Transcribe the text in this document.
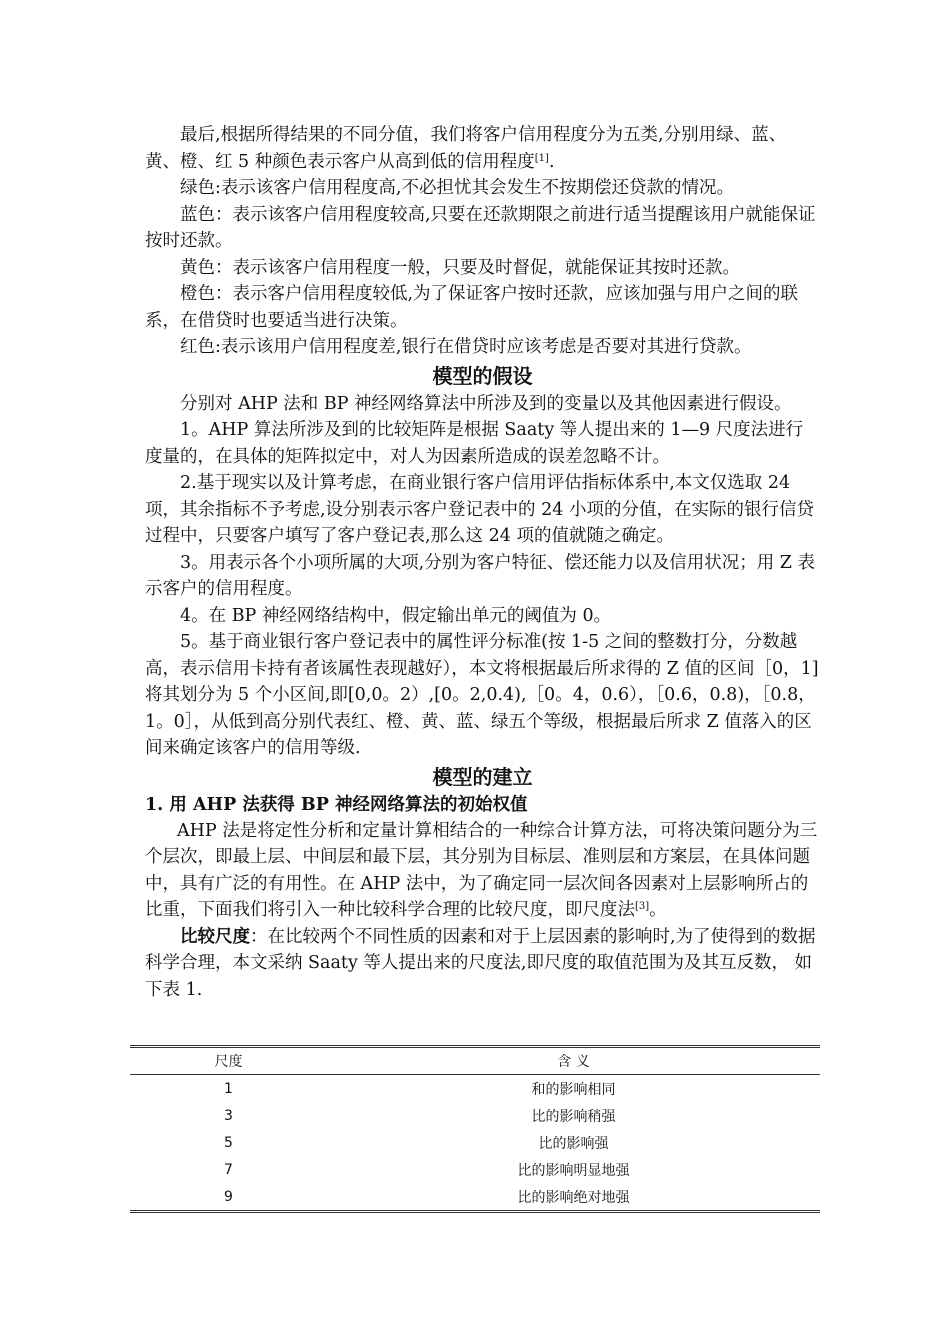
最后,根据所得结果的不同分值，我们将客户信用程度分为五类,分别用绿、蓝、

黄、橙、红 5 种颜色表示客户从高到低的信用程度[1].

绿色:表示该客户信用程度高,不必担忧其会发生不按期偿还贷款的情况。

蓝色：表示该客户信用程度较高,只要在还款期限之前进行适当提醒该用户就能保证按时还款。

黄色：表示该客户信用程度一般，只要及时督促，就能保证其按时还款。

橙色：表示客户信用程度较低,为了保证客户按时还款，应该加强与用户之间的联系，在借贷时也要适当进行决策。

红色:表示该用户信用程度差,银行在借贷时应该考虑是否要对其进行贷款。

模型的假设

分别对 AHP 法和 BP 神经网络算法中所涉及到的变量以及其他因素进行假设。

1。AHP 算法所涉及到的比较矩阵是根据 Saaty 等人提出来的 1—9 尺度法进行度量的，在具体的矩阵拟定中，对人为因素所造成的误差忽略不计。

2.基于现实以及计算考虑，在商业银行客户信用评估指标体系中,本文仅选取 24 项，其余指标不予考虑,设分别表示客户登记表中的 24 小项的分值，在实际的银行信贷过程中，只要客户填写了客户登记表,那么这 24 项的值就随之确定。

3。用表示各个小项所属的大项,分别为客户特征、偿还能力以及信用状况；用 Z 表示客户的信用程度。

4。在 BP 神经网络结构中，假定输出单元的阈值为 0。

5。基于商业银行客户登记表中的属性评分标准(按 1-5 之间的整数打分，分数越高，表示信用卡持有者该属性表现越好），本文将根据最后所求得的 Z 值的区间［0，1]将其划分为 5 个小区间,即[0,0。2）,[0。2,0.4),［0。4，0.6），［0.6，0.8)，［0.8，1。0］，从低到高分别代表红、橙、黄、蓝、绿五个等级，根据最后所求 Z 值落入的区间来确定该客户的信用等级.

模型的建立

1. 用 AHP 法获得 BP 神经网络算法的初始权值

AHP 法是将定性分析和定量计算相结合的一种综合计算方法，可将决策问题分为三个层次，即最上层、中间层和最下层，其分别为目标层、准则层和方案层，在具体问题中，具有广泛的有用性。在 AHP 法中，为了确定同一层次间各因素对上层影响所占的比重，下面我们将引入一种比较科学合理的比较尺度，即尺度法[3]。

比较尺度：在比较两个不同性质的因素和对于上层因素的影响时,为了使得到的数据科学合理，本文采纳 Saaty 等人提出来的尺度法,即尺度的取值范围为及其互反数， 如下表 1.

尺度	含 义
1	和的影响相同
3	比的影响稍强
5	比的影响强
7	比的影响明显地强
9	比的影响绝对地强
